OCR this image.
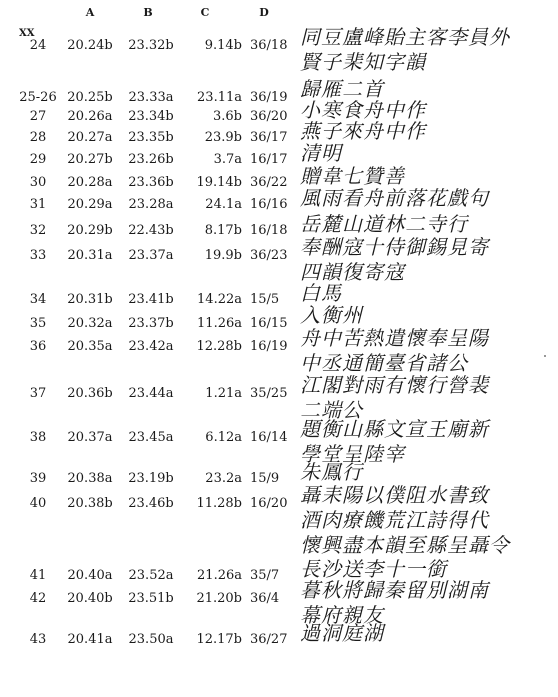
A	B	C	D
XX
24	20.24b	23.32b	9.14b 36/18 同豆盧峰貽主客李員外
賢子棐知字韻
25-26 20.25b	23.33a	23.11a 36/19 歸雁二首
27	20.26a	23.34b	3.6b 36/20 小寒食舟中作
28	20.27a	23.35b	23.9b 36/17 燕子來舟中作
29	20.27b	23.26b	3.7a 16/17 清明
30	20.28a	23.36b	19.14b 36/22 贈韋七贊善
31	20.29a	23.28a	24.1a 16/16 風雨看舟前落花戲句
32	20.29b	22.43b	8.17b 16/18 岳麓山道林二寺行
33	20.31a	23.37a	19.9b 36/23 奉酬寇十侍御錫見寄
四韻復寄寇
34	20.31b	23.41b	14.22a 15/5	白馬
35	20.32a	23.37b	11.26a 16/15 入衡州
36	20.35a	23.42a	12.28b 16/19 舟中苦熱遣懷奉呈陽
中丞通簡臺省諸公
37	20.36b	23.44a	1.21a 35/25 江閣對雨有懷行營裴
二端公
38	20.37a	23.45a	6.12a 16/14 題衡山縣文宣王廟新
學堂呈陸宰
39	20.38a	23.19b	23.2a 15/9	朱鳳行
40	20.38b	23.46b	11.28b 16/20 聶耒陽以僕阻水書致
酒肉療饑荒江詩得代
懷興盡本韻至縣呈聶令
41	20.40a	23.52a	21.26a 35/7	長沙送李十一銜
42	20.40b	23.51b	21.20b 36/4	暮秋將歸秦留別湖南
幕府親友
43	20.41a	23.50a	12.17b 36/27 過洞庭湖
